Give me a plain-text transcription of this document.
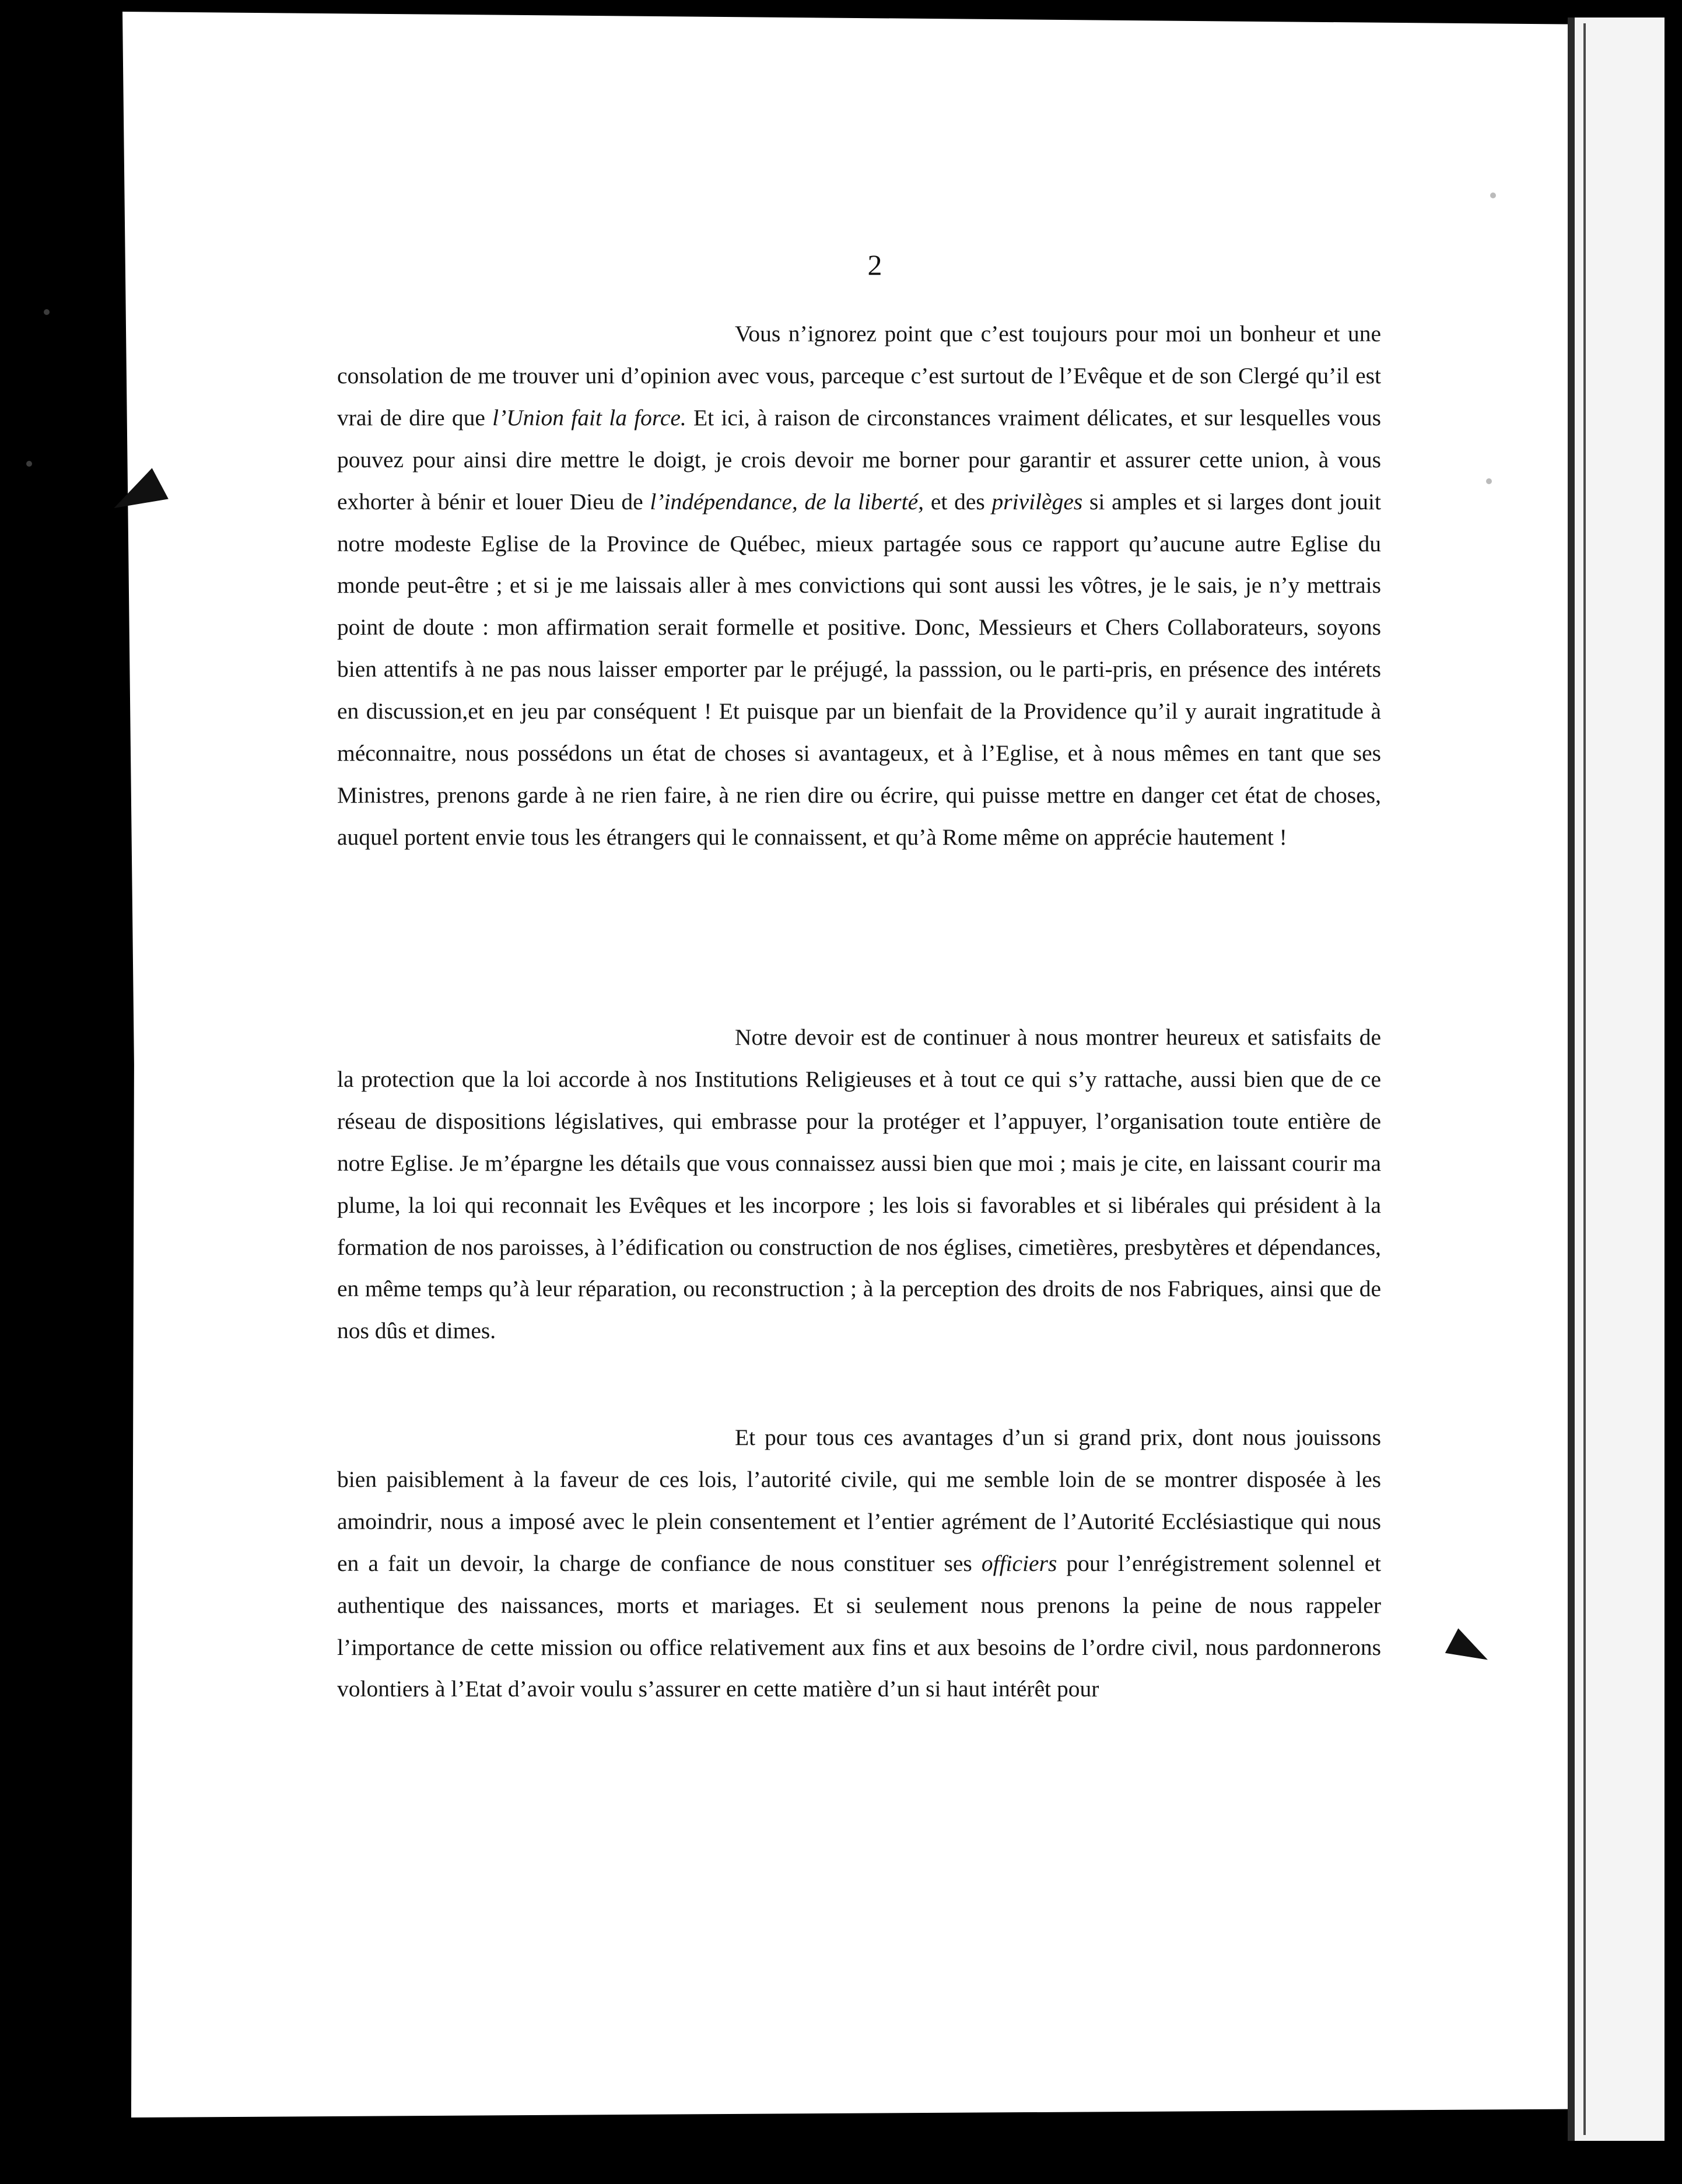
2

Vous n’ignorez point que c’est toujours pour moi un bonheur et une consolation de me trouver uni d’opinion avec vous, parceque c’est surtout de l’Evêque et de son Clergé qu’il est vrai de dire que l’Union fait la force. Et ici, à raison de circonstances vraiment délicates, et sur lesquelles vous pouvez pour ainsi dire mettre le doigt, je crois devoir me borner pour garantir et assurer cette union, à vous exhorter à bénir et louer Dieu de l’indépendance, de la liberté, et des privilèges si amples et si larges dont jouit notre modeste Eglise de la Province de Québec, mieux partagée sous ce rapport qu’aucune autre Eglise du monde peut-être ; et si je me laissais aller à mes convictions qui sont aussi les vôtres, je le sais, je n’y mettrais point de doute : mon affirmation serait formelle et positive. Donc, Messieurs et Chers Collaborateurs, soyons bien attentifs à ne pas nous laisser emporter par le préjugé, la passsion, ou le parti-pris, en présence des intérets en discussion,et en jeu par conséquent ! Et puisque par un bienfait de la Providence qu’il y aurait ingratitude à méconnaitre, nous possédons un état de choses si avantageux, et à l’Eglise, et à nous mêmes en tant que ses Ministres, prenons garde à ne rien faire, à ne rien dire ou écrire, qui puisse mettre en danger cet état de choses, auquel portent envie tous les étrangers qui le connaissent, et qu’à Rome même on apprécie hautement !

Notre devoir est de continuer à nous montrer heureux et satisfaits de la protection que la loi accorde à nos Institutions Religieuses et à tout ce qui s’y rattache, aussi bien que de ce réseau de dispositions législatives, qui embrasse pour la protéger et l’appuyer, l’organisation toute entière de notre Eglise. Je m’épargne les détails que vous connaissez aussi bien que moi ; mais je cite, en laissant courir ma plume, la loi qui reconnait les Evêques et les incorpore ; les lois si favorables et si libérales qui président à la formation de nos paroisses, à l’édification ou construction de nos églises, cimetières, presbytères et dépendances, en même temps qu’à leur réparation, ou reconstruction ; à la perception des droits de nos Fabriques, ainsi que de nos dûs et dimes.

Et pour tous ces avantages d’un si grand prix, dont nous jouissons bien paisiblement à la faveur de ces lois, l’autorité civile, qui me semble loin de se montrer disposée à les amoindrir, nous a imposé avec le plein consentement et l’entier agrément de l’Autorité Ecclésiastique qui nous en a fait un devoir, la charge de confiance de nous constituer ses officiers pour l’enrégistrement solennel et authentique des naissances, morts et mariages. Et si seulement nous prenons la peine de nous rappeler l’importance de cette mission ou office relativement aux fins et aux besoins de l’ordre civil, nous pardonnerons volontiers à l’Etat d’avoir voulu s’assurer en cette matière d’un si haut intérêt pour
